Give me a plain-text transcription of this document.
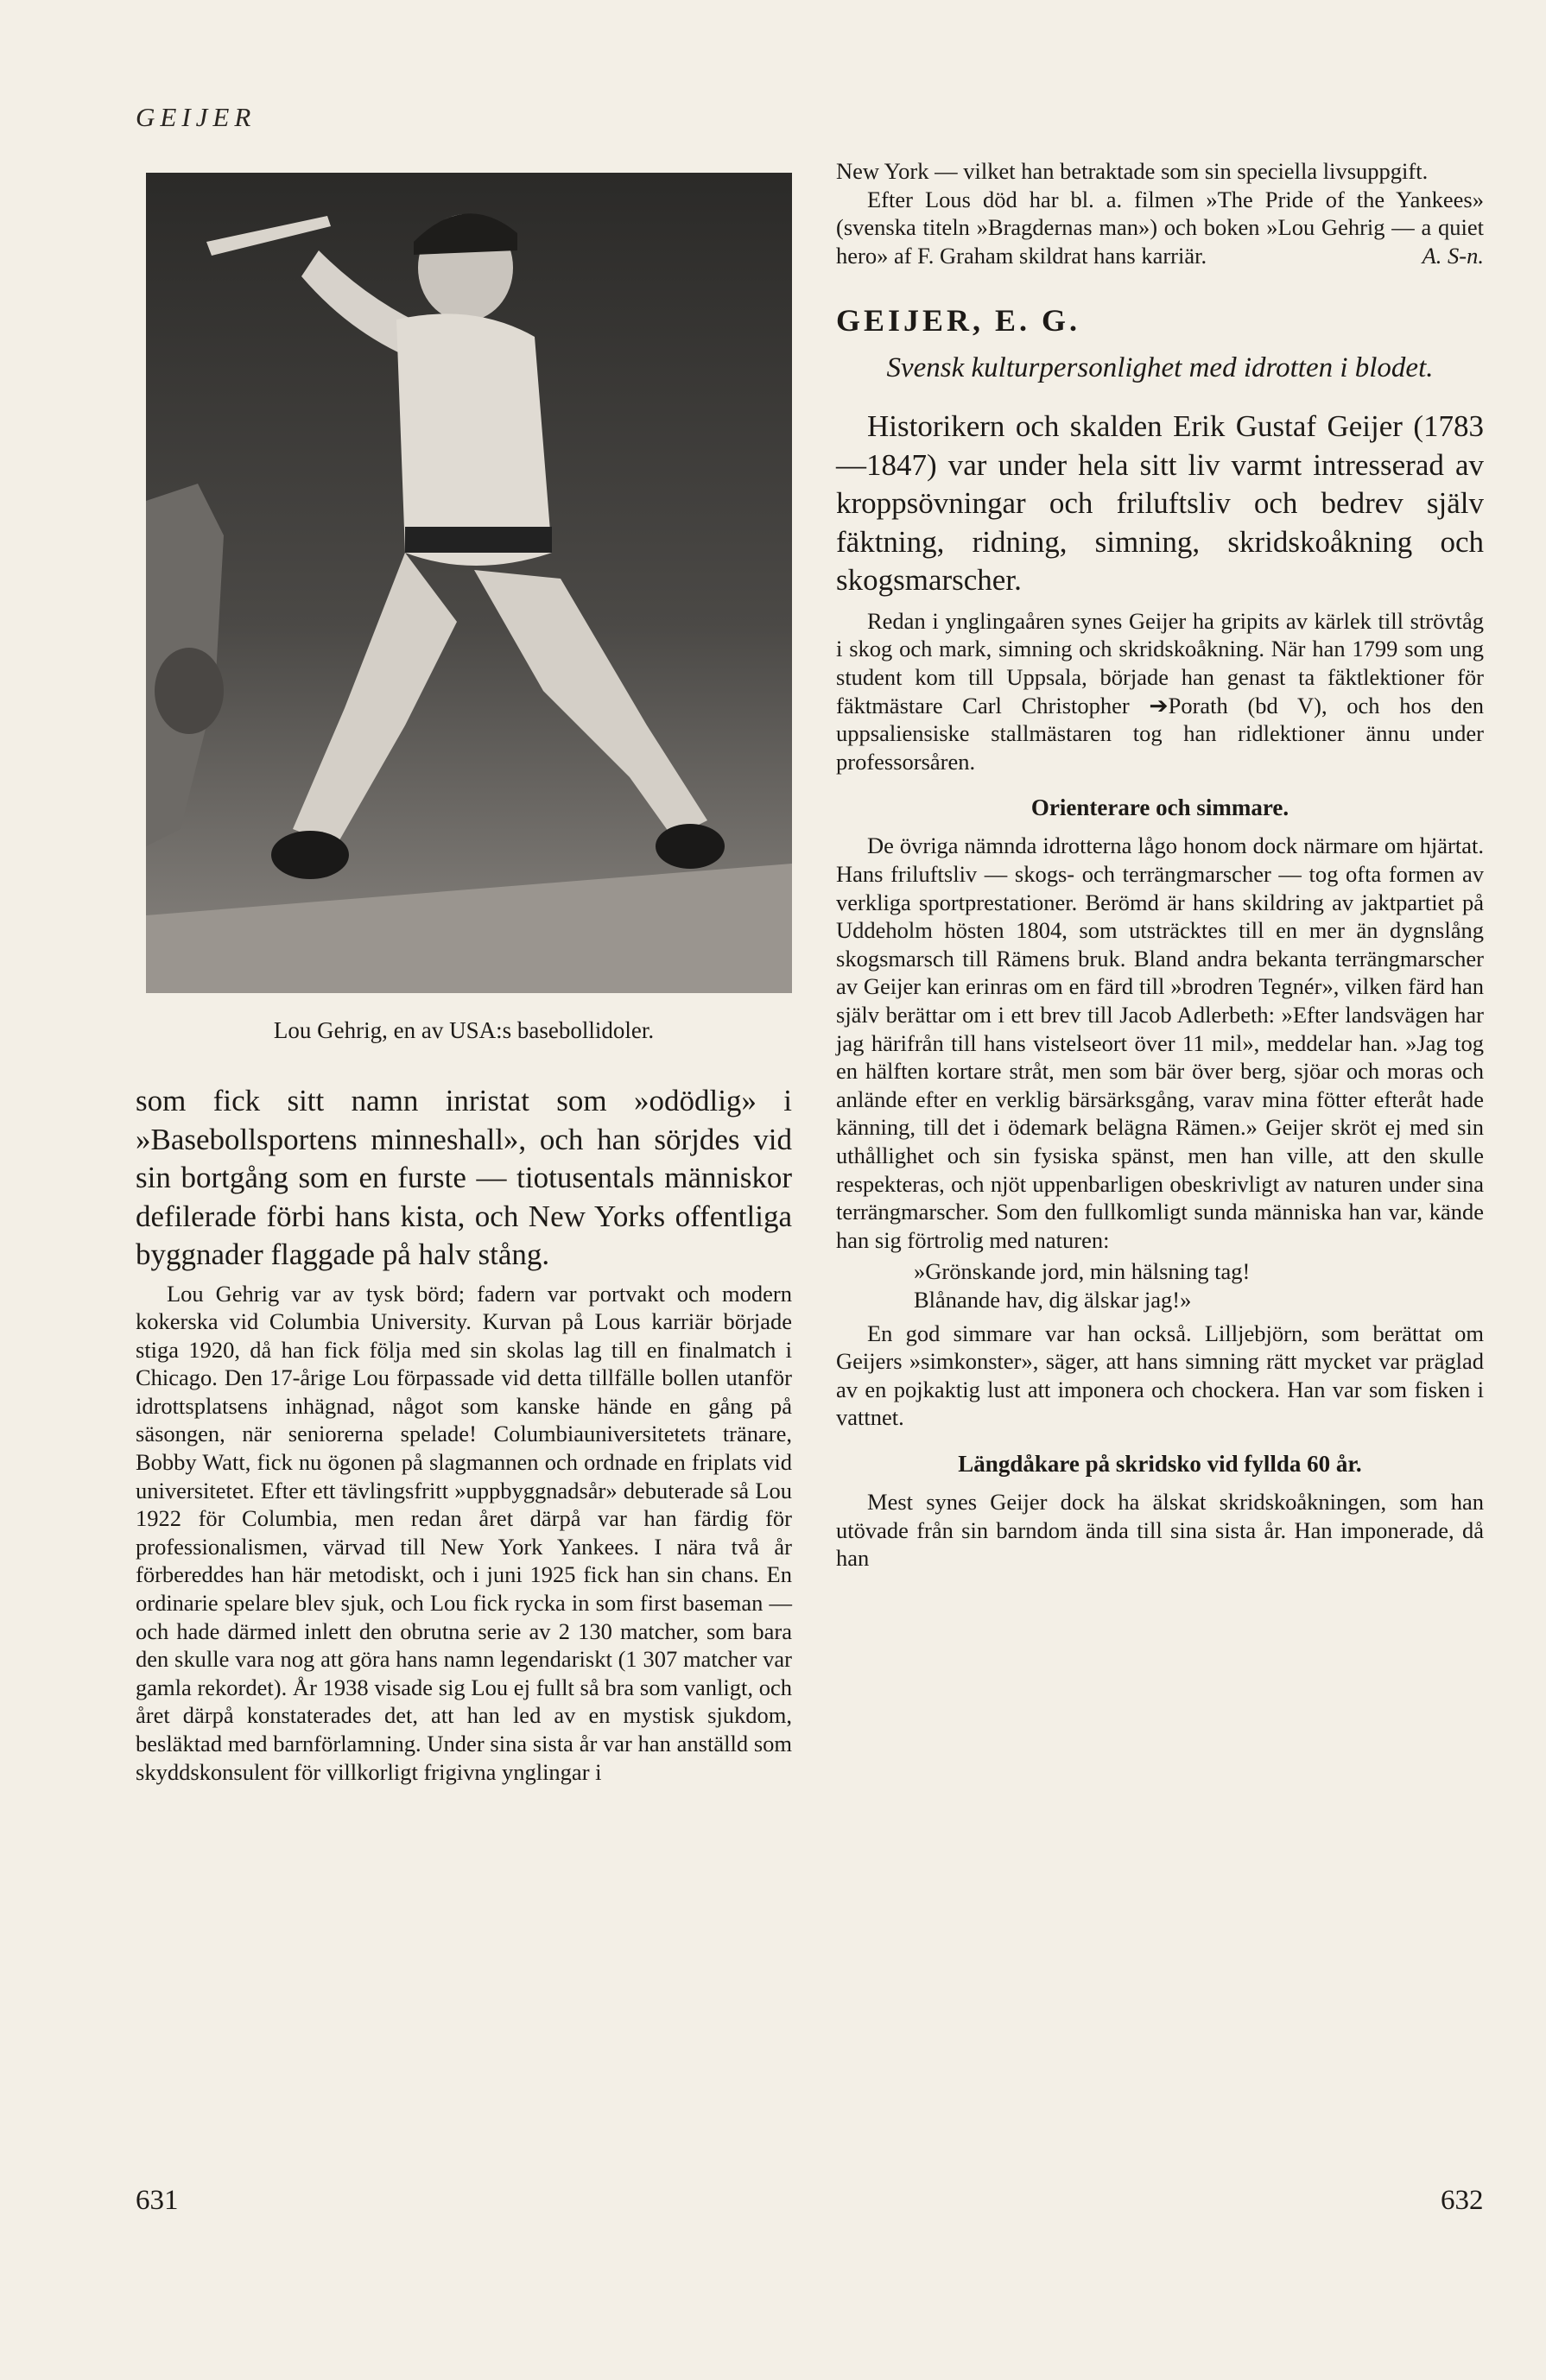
GEIJER
Lou Gehrig, en av USA:s basebollidoler.

som fick sitt namn inristat som »odödlig» i »Basebollsportens minneshall», och han sörjdes vid sin bortgång som en furste — tiotusentals människor defilerade förbi hans kista, och New Yorks offentliga byggnader flaggade på halv stång.

Lou Gehrig var av tysk börd; fadern var portvakt och modern kokerska vid Columbia University. Kurvan på Lous karriär började stiga 1920, då han fick följa med sin skolas lag till en finalmatch i Chicago. Den 17-årige Lou förpassade vid detta tillfälle bollen utanför idrottsplatsens inhägnad, något som kanske hände en gång på säsongen, när seniorerna spelade! Columbiauniversitetets tränare, Bobby Watt, fick nu ögonen på slagmannen och ordnade en friplats vid universitetet. Efter ett tävlingsfritt »uppbyggnadsår» debuterade så Lou 1922 för Columbia, men redan året därpå var han färdig för professionalismen, värvad till New York Yankees. I nära två år förbereddes han här metodiskt, och i juni 1925 fick han sin chans. En ordinarie spelare blev sjuk, och Lou fick rycka in som first baseman — och hade därmed inlett den obrutna serie av 2 130 matcher, som bara den skulle vara nog att göra hans namn legendariskt (1 307 matcher var gamla rekordet). År 1938 visade sig Lou ej fullt så bra som vanligt, och året därpå konstaterades det, att han led av en mystisk sjukdom, besläktad med barnförlamning. Under sina sista år var han anställd som skyddskonsulent för villkorligt frigivna ynglingar i

New York — vilket han betraktade som sin speciella livsuppgift.

Efter Lous död har bl. a. filmen »The Pride of the Yankees» (svenska titeln »Bragdernas man») och boken »Lou Gehrig — a quiet hero» af F. Graham skildrat hans karriär.	A. S-n.

GEIJER, E. G.
Svensk kulturpersonlighet med idrotten i blodet.

Historikern och skalden Erik Gustaf Geijer (1783—1847) var under hela sitt liv varmt intresserad av kroppsövningar och friluftsliv och bedrev själv fäktning, ridning, simning, skridskoåkning och skogsmarscher.

Redan i ynglingaåren synes Geijer ha gripits av kärlek till strövtåg i skog och mark, simning och skridskoåkning. När han 1799 som ung student kom till Uppsala, började han genast ta fäktlektioner för fäktmästare Carl Christopher ➔Porath (bd V), och hos den uppsaliensiske stallmästaren tog han ridlektioner ännu under professorsåren.

Orienterare och simmare.

De övriga nämnda idrotterna lågo honom dock närmare om hjärtat. Hans friluftsliv — skogs- och terrängmarscher — tog ofta formen av verkliga sportprestationer. Berömd är hans skildring av jaktpartiet på Uddeholm hösten 1804, som utsträcktes till en mer än dygnslång skogsmarsch till Rämens bruk. Bland andra bekanta terrängmarscher av Geijer kan erinras om en färd till »brodren Tegnér», vilken färd han själv berättar om i ett brev till Jacob Adlerbeth: »Efter landsvägen har jag härifrån till hans vistelseort över 11 mil», meddelar han. »Jag tog en hälften kortare stråt, men som bär över berg, sjöar och moras och anlände efter en verklig bärsärksgång, varav mina fötter efteråt hade känning, till det i ödemark belägna Rämen.» Geijer skröt ej med sin uthållighet och sin fysiska spänst, men han ville, att den skulle respekteras, och njöt uppenbarligen obeskrivligt av naturen under sina terrängmarscher. Som den fullkomligt sunda människa han var, kände han sig förtrolig med naturen:

»Grönskande jord, min hälsning tag!
Blånande hav, dig älskar jag!»

En god simmare var han också. Lilljebjörn, som berättat om Geijers »simkonster», säger, att hans simning rätt mycket var präglad av en pojkaktig lust att imponera och chockera. Han var som fisken i vattnet.

Längdåkare på skridsko vid fyllda 60 år.

Mest synes Geijer dock ha älskat skridskoåkningen, som han utövade från sin barndom ända till sina sista år. Han imponerade, då han

631	632
